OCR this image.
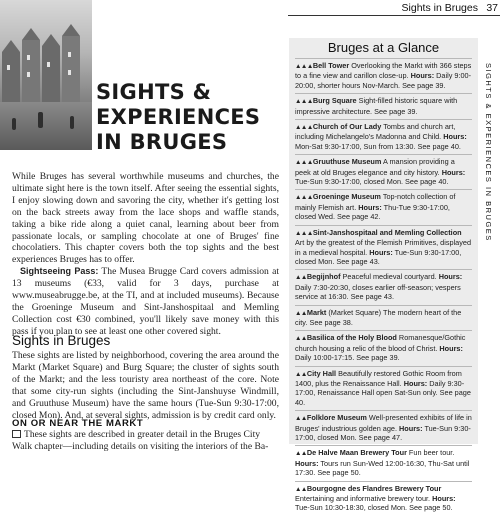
SIGHTS &
EXPERIENCES
IN BRUGES

While Bruges has several worthwhile museums and churches, the ultimate sight here is the town itself. After seeing the essential sights, I enjoy slowing down and savoring the city, whether it's getting lost on the back streets away from the lace shops and waffle stands, taking a bike ride along a quiet canal, learning about beer from passionate locals, or sampling chocolate at one of Bruges' fine chocolatiers. This chapter covers both the top sights and the best experiences Bruges has to offer.

Sightseeing Pass: The Musea Brugge Card covers admission at 13 museums (€33, valid for 3 days, purchase at www.museabrugge.be, at the TI, and at included museums). Because the Groeninge Museum and Sint-Janshospitaal and Memling Collection cost €30 combined, you'll likely save money with this pass if you plan to see at least one other covered sight.

Sights in Bruges

These sights are listed by neighborhood, covering the area around the Markt (Market Square) and Burg Square; the cluster of sights south of the Markt; and the less touristy area northeast of the core. Note that some city-run sights (including the Sint-Janshuyse Windmill, and Gruuthuse Museum) have the same hours (Tue-Sun 9:30-17:00, closed Mon). And, at several sights, admission is by credit card only.

ON OR NEAR THE MARKT

These sights are described in greater detail in the Bruges City Walk chapter—including details on visiting the interiors of the Ba-

Sights in Bruges 37
Bruges at a Glance
▲▲▲Bell Tower Overlooking the Markt with 366 steps to a fine view and carillon close-up. Hours: Daily 9:00-20:00, shorter hours Nov-March. See page 39.
▲▲▲Burg Square Sight-filled historic square with impressive architecture. See page 39.
▲▲▲Church of Our Lady Tombs and church art, including Michelangelo's Madonna and Child. Hours: Mon-Sat 9:30-17:00, Sun from 13:30. See page 40.
▲▲▲Gruuthuse Museum A mansion providing a peek at old Bruges elegance and city history. Hours: Tue-Sun 9:30-17:00, closed Mon. See page 40.
▲▲▲Groeninge Museum Top-notch collection of mainly Flemish art. Hours: Thu-Tue 9:30-17:00, closed Wed. See page 42.
▲▲▲Sint-Janshospitaal and Memling Collection Art by the greatest of the Flemish Primitives, displayed in a medieval hospital. Hours: Tue-Sun 9:30-17:00, closed Mon. See page 43.
▲▲Begijnhof Peaceful medieval courtyard. Hours: Daily 7:30-20:30, closes earlier off-season; vespers service at 16:30. See page 43.
▲▲Markt (Market Square) The modern heart of the city. See page 38.
▲▲Basilica of the Holy Blood Romanesque/Gothic church housing a relic of the blood of Christ. Hours: Daily 10:00-17:15. See page 39.
▲▲City Hall Beautifully restored Gothic Room from 1400, plus the Renaissance Hall. Hours: Daily 9:30-17:00, Renaissance Hall open Sat-Sun only. See page 40.
▲▲Folklore Museum Well-presented exhibits of life in Bruges' industrious golden age. Hours: Tue-Sun 9:30-17:00, closed Mon. See page 47.
▲▲De Halve Maan Brewery Tour Fun beer tour. Hours: Tours run Sun-Wed 12:00-16:30, Thu-Sat until 17:30. See page 50.
▲▲Bourgogne des Flandres Brewery Tour Entertaining and informative brewery tour. Hours: Tue-Sun 10:30-18:30, closed Mon. See page 50.
SIGHTS & EXPERIENCES IN BRUGES
